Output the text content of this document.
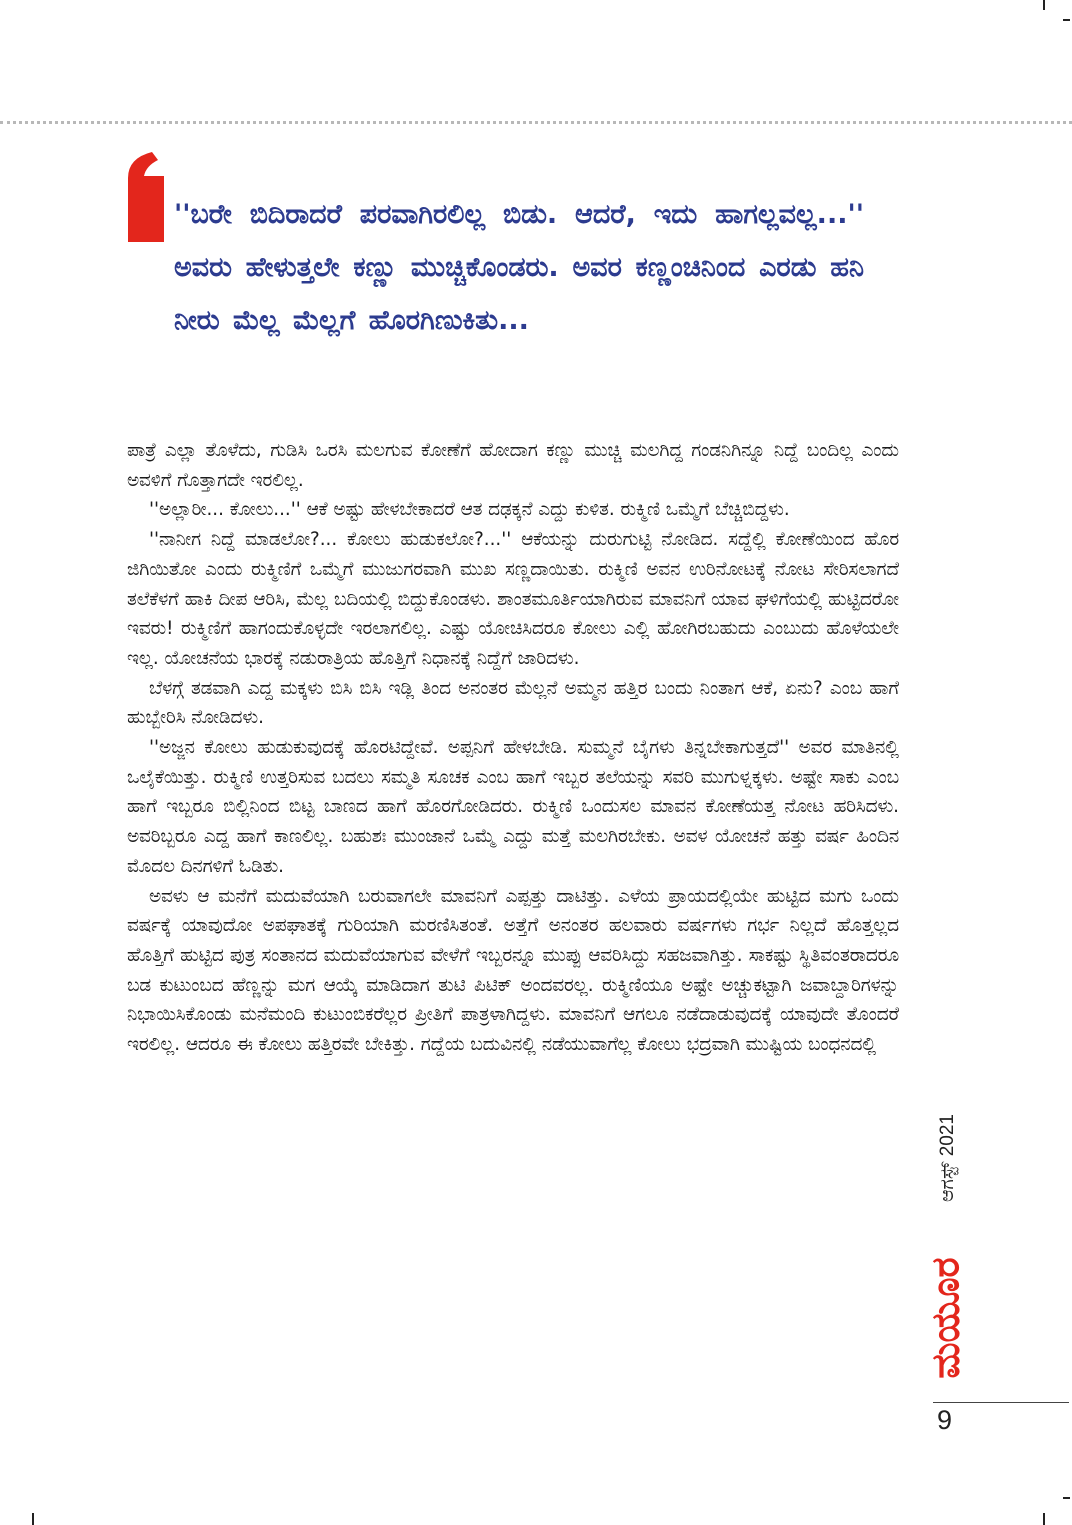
''ಬರೇ ಬಿದಿರಾದರೆ ಪರವಾಗಿರಲಿಲ್ಲ ಬಿಡು. ಆದರೆ, ಇದು ಹಾಗಲ್ಲವಲ್ಲ...'' ಅವರು ಹೇಳುತ್ತಲೇ ಕಣ್ಣು ಮುಚ್ಚಿಕೊಂಡರು. ಅವರ ಕಣ್ಣಂಚಿನಿಂದ ಎರಡು ಹನಿ ನೀರು ಮೆಲ್ಲ ಮೆಲ್ಲಗೆ ಹೊರಗಿಣುಕಿತು...

ಪಾತ್ರೆ ಎಲ್ಲಾ ತೊಳೆದು, ಗುಡಿಸಿ ಒರಸಿ ಮಲಗುವ ಕೋಣೆಗೆ ಹೋದಾಗ ಕಣ್ಣು ಮುಚ್ಚಿ ಮಲಗಿದ್ದ ಗಂಡನಿಗಿನ್ನೂ ನಿದ್ದೆ ಬಂದಿಲ್ಲ ಎಂದು ಅವಳಿಗೆ ಗೊತ್ತಾಗದೇ ಇರಲಿಲ್ಲ.

''ಅಲ್ಲಾರೀ... ಕೋಲು...'' ಆಕೆ ಅಷ್ಟು ಹೇಳಬೇಕಾದರೆ ಆತ ದಢಕ್ಕನೆ ಎದ್ದು ಕುಳಿತ. ರುಕ್ಮಿಣಿ ಒಮ್ಮೆಗೆ ಬೆಚ್ಚಿಬಿದ್ದಳು.

''ನಾನೀಗ ನಿದ್ದೆ ಮಾಡಲೋ?... ಕೋಲು ಹುಡುಕಲೋ?...'' ಆಕೆಯನ್ನು ದುರುಗುಟ್ಟಿ ನೋಡಿದ. ಸದ್ದೆಲ್ಲಿ ಕೋಣೆಯಿಂದ ಹೊರ ಜಿಗಿಯಿತೋ ಎಂದು ರುಕ್ಮಿಣಿಗೆ ಒಮ್ಮೆಗೆ ಮುಜುಗರವಾಗಿ ಮುಖ ಸಣ್ಣದಾಯಿತು. ರುಕ್ಮಿಣಿ ಅವನ ಉರಿನೋಟಕ್ಕೆ ನೋಟ ಸೇರಿಸಲಾಗದೆ ತಲೆಕೆಳಗೆ ಹಾಕಿ ದೀಪ ಆರಿಸಿ, ಮೆಲ್ಲ ಬದಿಯಲ್ಲಿ ಬಿದ್ದುಕೊಂಡಳು. ಶಾಂತಮೂರ್ತಿಯಾಗಿರುವ ಮಾವನಿಗೆ ಯಾವ ಘಳಿಗೆಯಲ್ಲಿ ಹುಟ್ಟಿದರೋ ಇವರು! ರುಕ್ಮಿಣಿಗೆ ಹಾಗಂದುಕೊಳ್ಳದೇ ಇರಲಾಗಲಿಲ್ಲ. ಎಷ್ಟು ಯೋಚಿಸಿದರೂ ಕೋಲು ಎಲ್ಲಿ ಹೋಗಿರಬಹುದು ಎಂಬುದು ಹೊಳೆಯಲೇ ಇಲ್ಲ. ಯೋಚನೆಯ ಭಾರಕ್ಕೆ ನಡುರಾತ್ರಿಯ ಹೊತ್ತಿಗೆ ನಿಧಾನಕ್ಕೆ ನಿದ್ದೆಗೆ ಜಾರಿದಳು.

ಬೆಳಗ್ಗೆ ತಡವಾಗಿ ಎದ್ದ ಮಕ್ಕಳು ಬಿಸಿ ಬಿಸಿ ಇಡ್ಲಿ ತಿಂದ ಅನಂತರ ಮೆಲ್ಲನೆ ಅಮ್ಮನ ಹತ್ತಿರ ಬಂದು ನಿಂತಾಗ ಆಕೆ, ಏನು? ಎಂಬ ಹಾಗೆ ಹುಬ್ಬೇರಿಸಿ ನೋಡಿದಳು.

''ಅಜ್ಜನ ಕೋಲು ಹುಡುಕುವುದಕ್ಕೆ ಹೊರಟಿದ್ದೇವೆ. ಅಪ್ಪನಿಗೆ ಹೇಳಬೇಡಿ. ಸುಮ್ಮನೆ ಬೈಗಳು ತಿನ್ನಬೇಕಾಗುತ್ತದೆ'' ಅವರ ಮಾತಿನಲ್ಲಿ ಒಲೈಕೆಯಿತ್ತು. ರುಕ್ಮಿಣಿ ಉತ್ತರಿಸುವ ಬದಲು ಸಮ್ಮತಿ ಸೂಚಕ ಎಂಬ ಹಾಗೆ ಇಬ್ಬರ ತಲೆಯನ್ನು ಸವರಿ ಮುಗುಳ್ನಕ್ಕಳು. ಅಷ್ಟೇ ಸಾಕು ಎಂಬ ಹಾಗೆ ಇಬ್ಬರೂ ಬಿಲ್ಲಿನಿಂದ ಬಿಟ್ಟ ಬಾಣದ ಹಾಗೆ ಹೊರಗೋಡಿದರು. ರುಕ್ಮಿಣಿ ಒಂದುಸಲ ಮಾವನ ಕೋಣೆಯತ್ತ ನೋಟ ಹರಿಸಿದಳು. ಅವರಿಬ್ಬರೂ ಎದ್ದ ಹಾಗೆ ಕಾಣಲಿಲ್ಲ. ಬಹುಶಃ ಮುಂಜಾನೆ ಒಮ್ಮೆ ಎದ್ದು ಮತ್ತೆ ಮಲಗಿರಬೇಕು. ಅವಳ ಯೋಚನೆ ಹತ್ತು ವರ್ಷ ಹಿಂದಿನ ಮೊದಲ ದಿನಗಳಿಗೆ ಓಡಿತು.

ಅವಳು ಆ ಮನೆಗೆ ಮದುವೆಯಾಗಿ ಬರುವಾಗಲೇ ಮಾವನಿಗೆ ಎಪ್ಪತ್ತು ದಾಟಿತ್ತು. ಎಳೆಯ ಪ್ರಾಯದಲ್ಲಿಯೇ ಹುಟ್ಟಿದ ಮಗು ಒಂದು ವರ್ಷಕ್ಕೆ ಯಾವುದೋ ಅಪಘಾತಕ್ಕೆ ಗುರಿಯಾಗಿ ಮರಣಿಸಿತಂತೆ. ಅತ್ತೆಗೆ ಅನಂತರ ಹಲವಾರು ವರ್ಷಗಳು ಗರ್ಭ ನಿಲ್ಲದೆ ಹೊತ್ತಲ್ಲದ ಹೊತ್ತಿಗೆ ಹುಟ್ಟಿದ ಪುತ್ರ ಸಂತಾನದ ಮದುವೆಯಾಗುವ ವೇಳೆಗೆ ಇಬ್ಬರನ್ನೂ ಮುಪ್ಪು ಆವರಿಸಿದ್ದು ಸಹಜವಾಗಿತ್ತು. ಸಾಕಷ್ಟು ಸ್ಥಿತಿವಂತರಾದರೂ ಬಡ ಕುಟುಂಬದ ಹೆಣ್ಣನ್ನು ಮಗ ಆಯ್ಕೆ ಮಾಡಿದಾಗ ತುಟಿ ಪಿಟಿಕ್ ಅಂದವರಲ್ಲ. ರುಕ್ಮಿಣಿಯೂ ಅಷ್ಟೇ ಅಚ್ಚುಕಟ್ಟಾಗಿ ಜವಾಬ್ದಾರಿಗಳನ್ನು ನಿಭಾಯಿಸಿಕೊಂಡು ಮನೆಮಂದಿ ಕುಟುಂಬಿಕರೆಲ್ಲರ ಪ್ರೀತಿಗೆ ಪಾತ್ರಳಾಗಿದ್ದಳು. ಮಾವನಿಗೆ ಆಗಲೂ ನಡೆದಾಡುವುದಕ್ಕೆ ಯಾವುದೇ ತೊಂದರೆ ಇರಲಿಲ್ಲ. ಆದರೂ ಈ ಕೋಲು ಹತ್ತಿರವೇ ಬೇಕಿತ್ತು. ಗದ್ದೆಯ ಬದುವಿನಲ್ಲಿ ನಡೆಯುವಾಗೆಲ್ಲ ಕೋಲು ಭದ್ರವಾಗಿ ಮುಷ್ಟಿಯ ಬಂಧನದಲ್ಲಿ

ಆಗಸ್ಟ್ 2021
ಮಯೂರ
9
